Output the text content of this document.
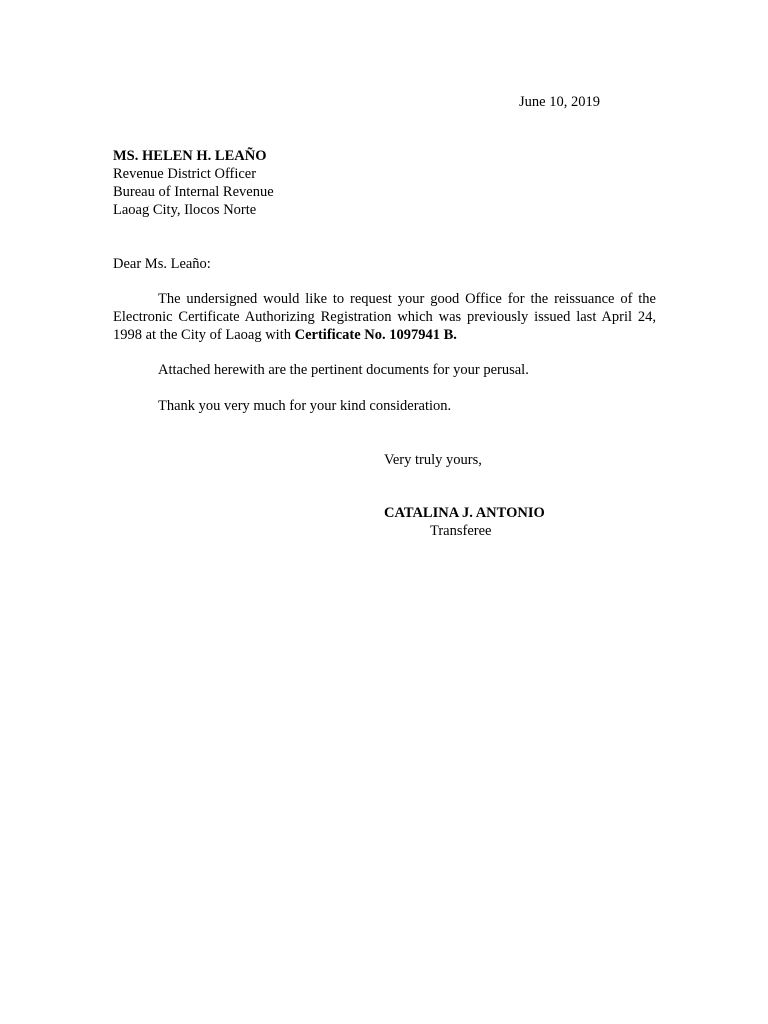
June 10, 2019
MS. HELEN H. LEAÑO
Revenue District Officer
Bureau of Internal Revenue
Laoag City, Ilocos Norte
Dear Ms. Leaño:
The undersigned would like to request your good Office for the reissuance of the Electronic Certificate Authorizing Registration which was previously issued last April 24, 1998 at the City of Laoag with Certificate No. 1097941 B.
Attached herewith are the pertinent documents for your perusal.
Thank you very much for your kind consideration.
Very truly yours,
CATALINA J. ANTONIO
Transferee
